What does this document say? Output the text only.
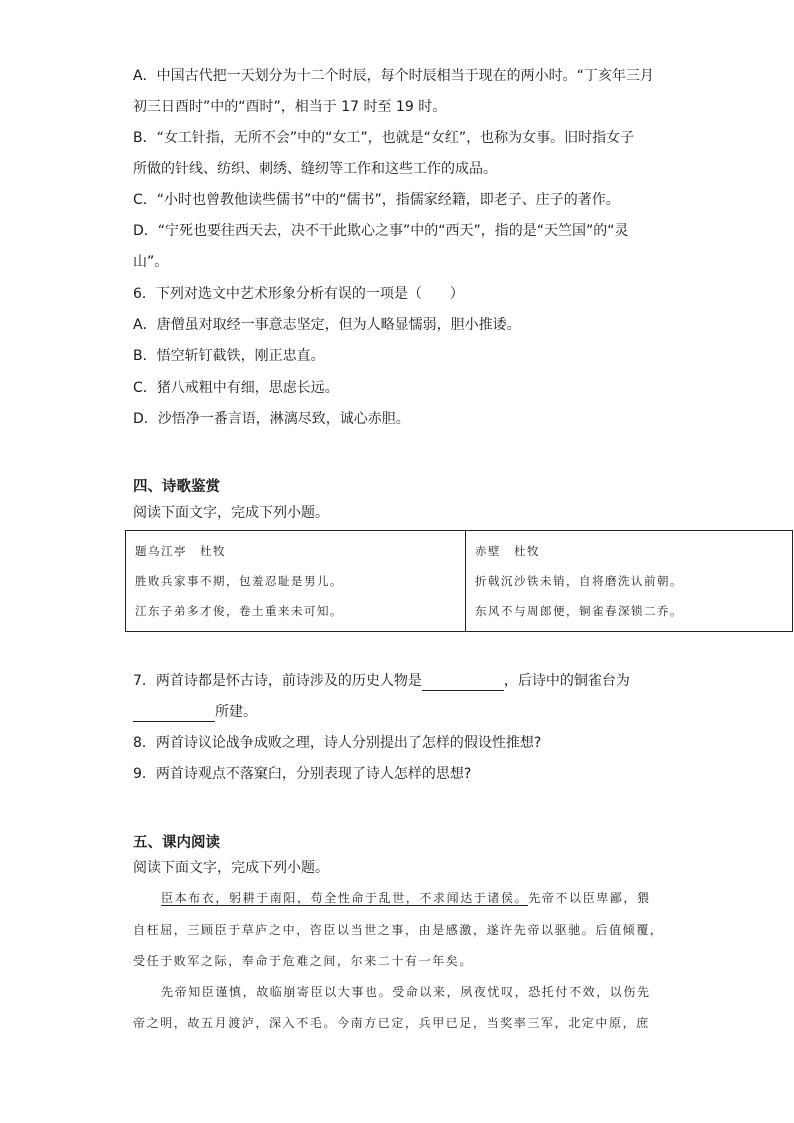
A．中国古代把一天划分为十二个时辰，每个时辰相当于现在的两小时。“丁亥年三月
初三日酉时”中的“酉时”，相当于 17 时至 19 时。
B．“女工针指，无所不会”中的“女工”，也就是“女红”，也称为女事。旧时指女子
所做的针线、纺织、刺绣、缝纫等工作和这些工作的成品。
C．“小时也曾教他读些儒书”中的“儒书”，指儒家经籍，即老子、庄子的著作。
D．“宁死也要往西天去，决不干此欺心之事”中的“西天”，指的是“天竺国”的“灵
山”。
6．下列对选文中艺术形象分析有误的一项是（　　）
A．唐僧虽对取经一事意志坚定，但为人略显懦弱，胆小推诿。
B．悟空斩钉截铁，刚正忠直。
C．猪八戒粗中有细，思虑长远。
D．沙悟净一番言语，淋漓尽致，诚心赤胆。
四、诗歌鉴赏
阅读下面文字，完成下列小题。
题乌江亭　杜牧
胜败兵家事不期，包羞忍耻是男儿。
江东子弟多才俊，卷土重来未可知。
赤壁　杜牧
折戟沉沙铁未销，自将磨洗认前朝。
东风不与周郎便，铜雀春深锁二乔。
7．两首诗都是怀古诗，前诗涉及的历史人物是	，后诗中的铜雀台为
所建。
8．两首诗议论战争成败之理，诗人分别提出了怎样的假设性推想?
9．两首诗观点不落窠臼，分别表现了诗人怎样的思想?
五、课内阅读
阅读下面文字，完成下列小题。
臣本布衣，躬耕于南阳，苟全性命于乱世，不求闻达于诸侯。先帝不以臣卑鄙，猥
自枉屈，三顾臣于草庐之中，咨臣以当世之事，由是感激，遂许先帝以驱驰。后值倾覆，
受任于败军之际，奉命于危难之间，尔来二十有一年矣。
先帝知臣谨慎，故临崩寄臣以大事也。受命以来，夙夜忧叹，恐托付不效，以伤先
帝之明，故五月渡泸，深入不毛。今南方已定，兵甲已足，当奖率三军，北定中原，庶
